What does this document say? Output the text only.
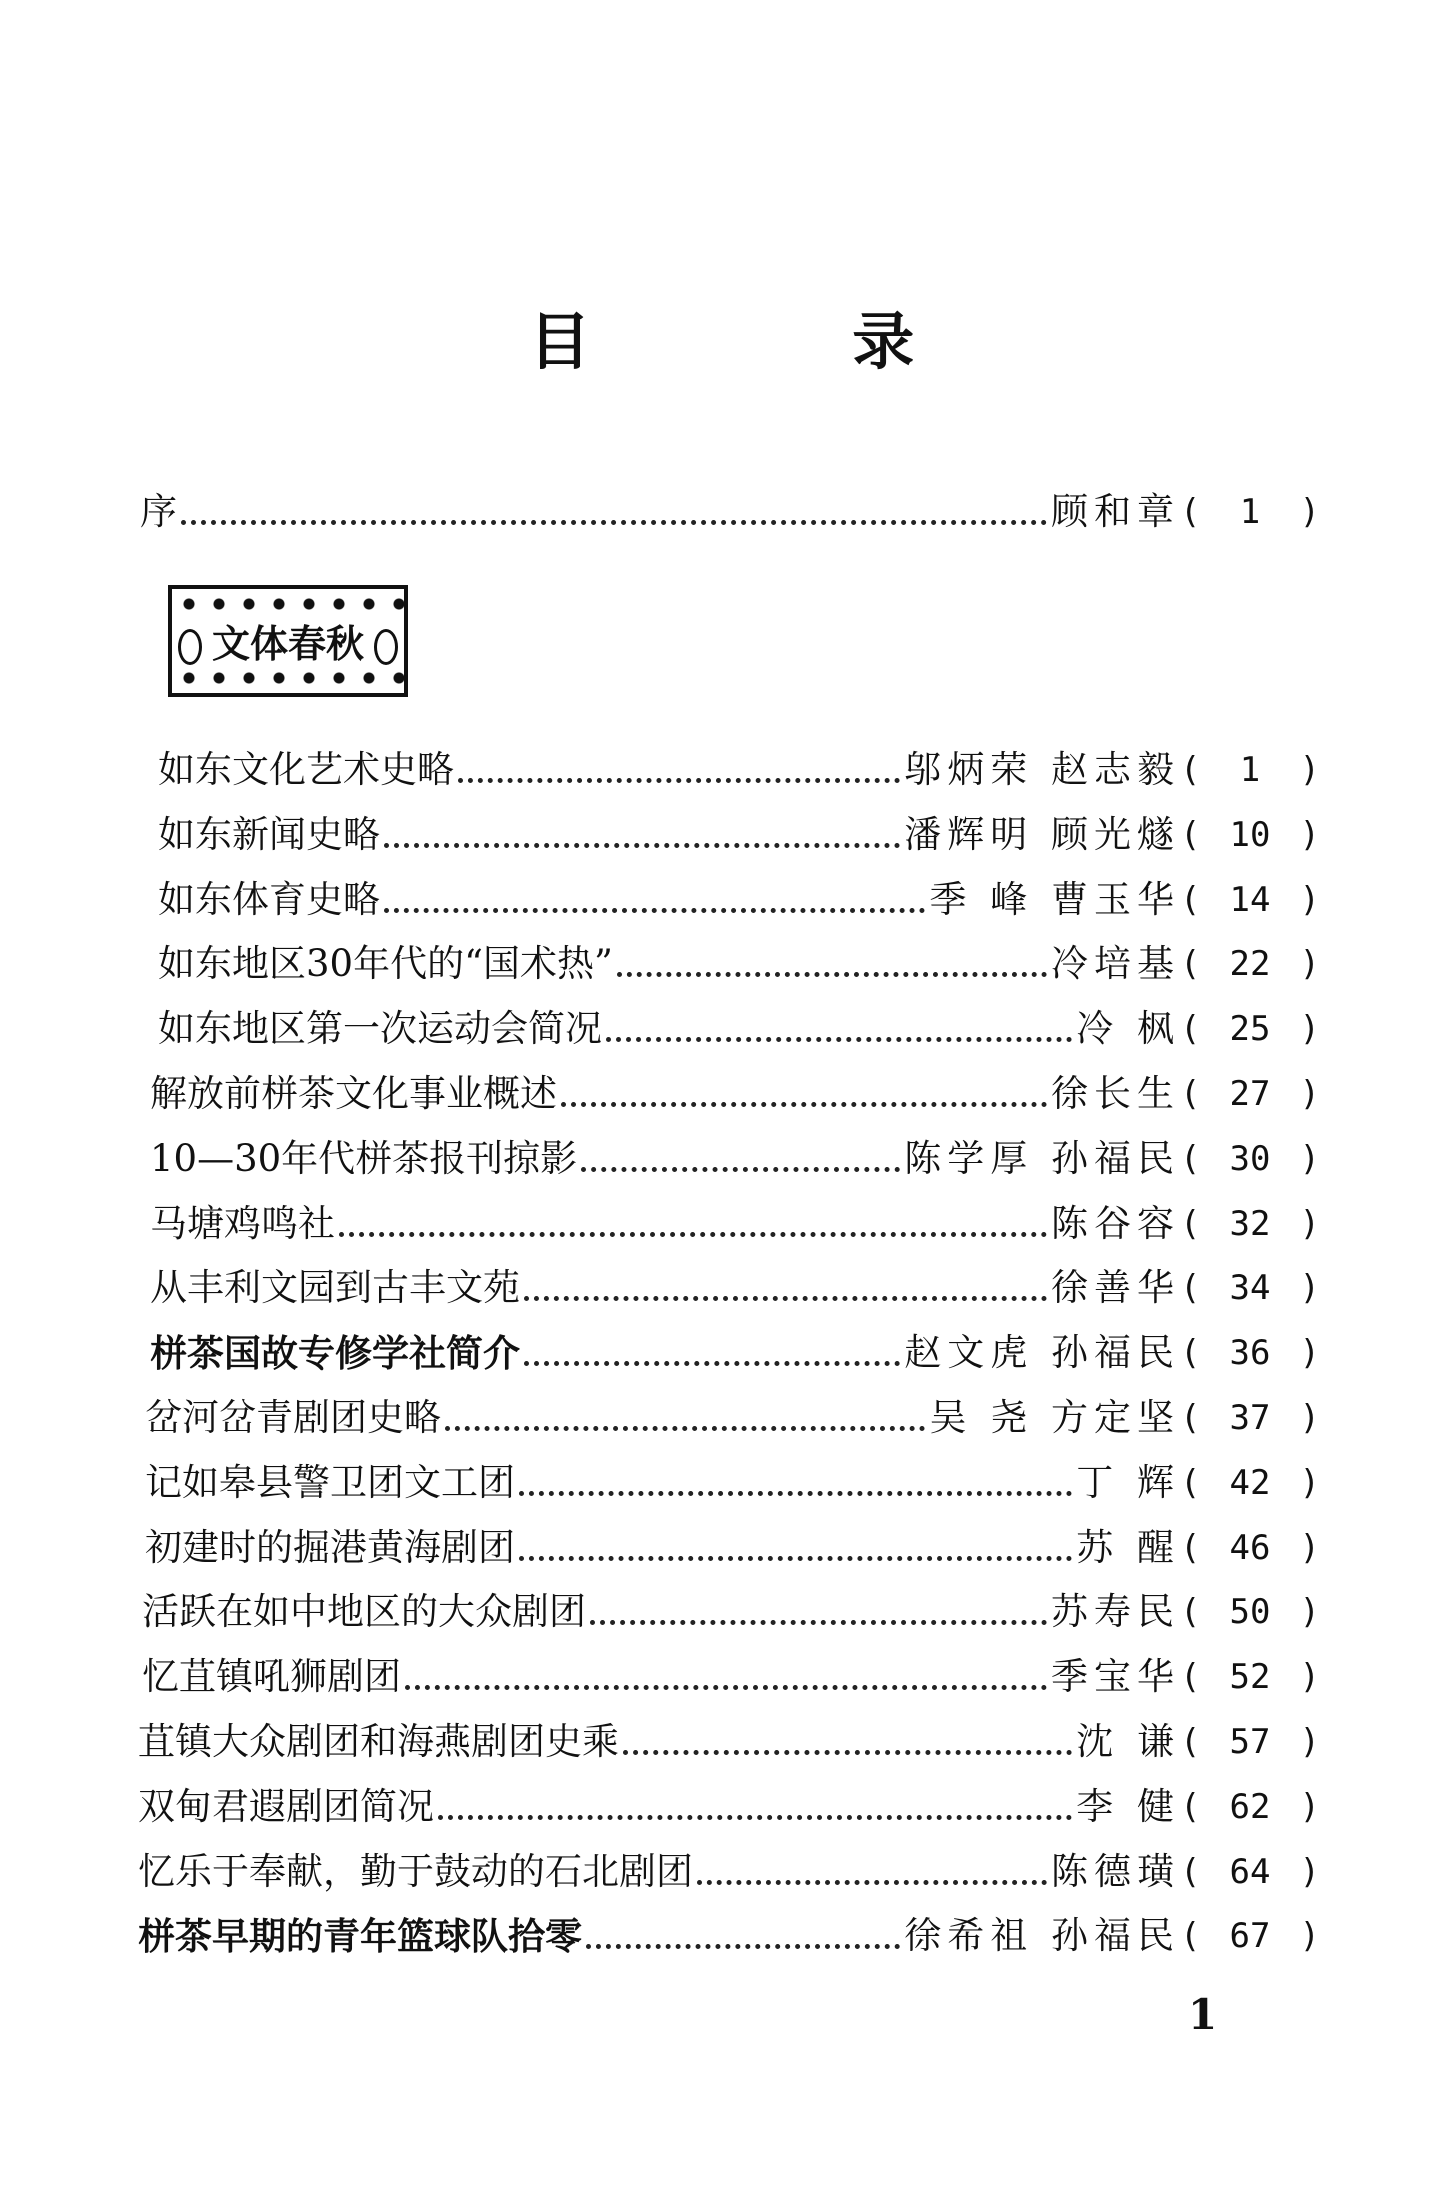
目 录
序	顾和章 (	1	)
文体春秋
如东文化艺术史略	邬炳荣 赵志毅 (	1	)
如东新闻史略	潘辉明 顾光燧 ( 10 )
如东体育史略	季 峰 曹玉华 ( 14 )
如东地区30年代的“国术热”	冷培基 ( 22 )
如东地区第一次运动会简况	冷 枫 ( 25 )
解放前栟茶文化事业概述	徐长生 ( 27 )
10—30年代栟茶报刊掠影	陈学厚 孙福民 ( 30 )
马塘鸡鸣社	陈谷容 ( 32 )
从丰利文园到古丰文苑	徐善华 ( 34 )
栟茶国故专修学社简介	赵文虎 孙福民 ( 36 )
岔河岔青剧团史略	吴 尧 方定坚 ( 37 )
记如皋县警卫团文工团	丁 辉 ( 42 )
初建时的掘港黄海剧团	苏 醒 ( 46 )
活跃在如中地区的大众剧团	苏寿民 ( 50 )
忆苴镇吼狮剧团	季宝华 ( 52 )
苴镇大众剧团和海燕剧团史乘	沈 谦 ( 57 )
双甸君遐剧团简况	李 健 ( 62 )
忆乐于奉献，勤于鼓动的石北剧团	陈德璜 ( 64 )
栟茶早期的青年篮球队拾零	徐希祖 孙福民 ( 67 )
1
